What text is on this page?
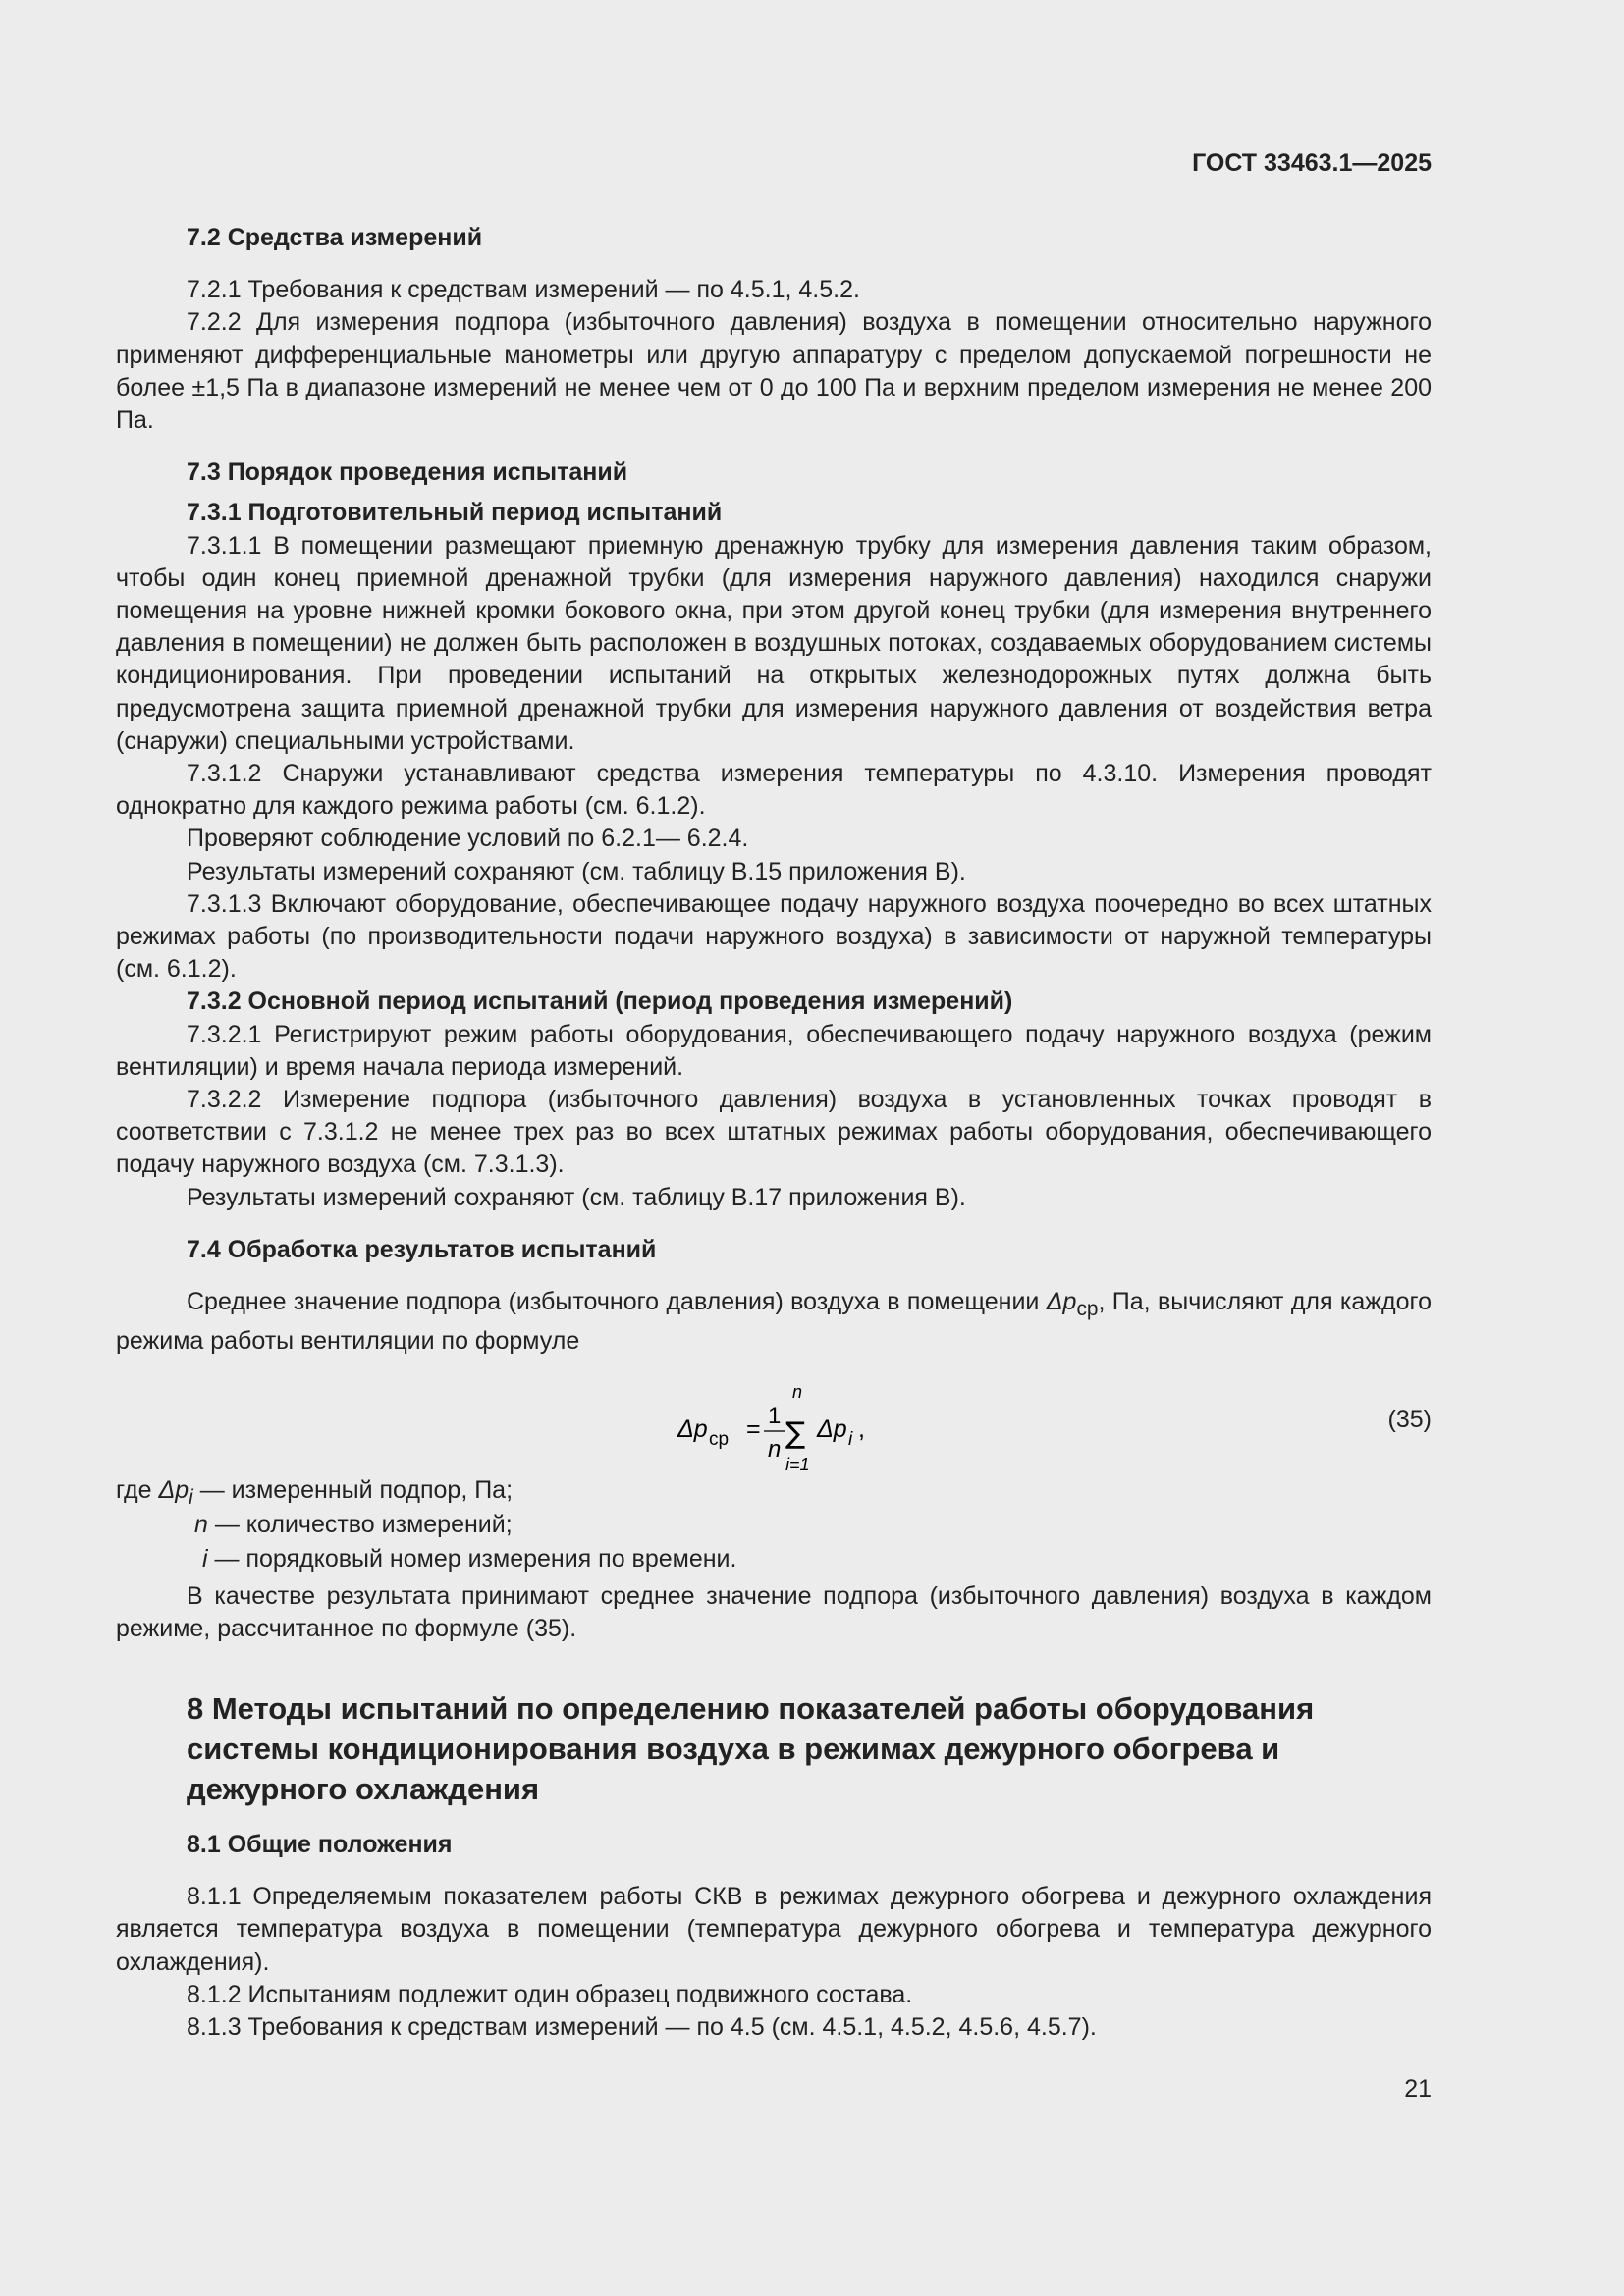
ГОСТ 33463.1—2025
7.2 Средства измерений

7.2.1 Требования к средствам измерений — по 4.5.1, 4.5.2.

7.2.2 Для измерения подпора (избыточного давления) воздуха в помещении относительно наружного применяют дифференциальные манометры или другую аппаратуру с пределом допускаемой погрешности не более ±1,5 Па в диапазоне измерений не менее чем от 0 до 100 Па и верхним пределом измерения не менее 200 Па.

7.3 Порядок проведения испытаний
7.3.1 Подготовительный период испытаний

7.3.1.1 В помещении размещают приемную дренажную трубку для измерения давления таким образом, чтобы один конец приемной дренажной трубки (для измерения наружного давления) находился снаружи помещения на уровне нижней кромки бокового окна, при этом другой конец трубки (для измерения внутреннего давления в помещении) не должен быть расположен в воздушных потоках, создаваемых оборудованием системы кондиционирования. При проведении испытаний на открытых железнодорожных путях должна быть предусмотрена защита приемной дренажной трубки для измерения наружного давления от воздействия ветра (снаружи) специальными устройствами.

7.3.1.2 Снаружи устанавливают средства измерения температуры по 4.3.10. Измерения проводят однократно для каждого режима работы (см. 6.1.2).

Проверяют соблюдение условий по 6.2.1— 6.2.4.

Результаты измерений сохраняют (см. таблицу В.15 приложения В).

7.3.1.3 Включают оборудование, обеспечивающее подачу наружного воздуха поочередно во всех штатных режимах работы (по производительности подачи наружного воздуха) в зависимости от наружной температуры (см. 6.1.2).

7.3.2 Основной период испытаний (период проведения измерений)

7.3.2.1 Регистрируют режим работы оборудования, обеспечивающего подачу наружного воздуха (режим вентиляции) и время начала периода измерений.

7.3.2.2 Измерение подпора (избыточного давления) воздуха в установленных точках проводят в соответствии с 7.3.1.2 не менее трех раз во всех штатных режимах работы оборудования, обеспечивающего подачу наружного воздуха (см. 7.3.1.3).

Результаты измерений сохраняют (см. таблицу В.17 приложения В).

7.4 Обработка результатов испытаний

Среднее значение подпора (избыточного давления) воздуха в помещении $\Delta p_{ср}$, Па, вычисляют для каждого режима работы вентиляции по формуле

Δp ср = 1
n
n
∑
i=1
Δp i ,	(35)
где $\Delta p_i$ — измеренный подпор, Па;
n — количество измерений;
i — порядковый номер измерения по времени.

В качестве результата принимают среднее значение подпора (избыточного давления) воздуха в каждом режиме, рассчитанное по формуле (35).

8 Методы испытаний по определению показателей работы оборудования системы кондиционирования воздуха в режимах дежурного обогрева и дежурного охлаждения
8.1 Общие положения

8.1.1 Определяемым показателем работы СКВ в режимах дежурного обогрева и дежурного охлаждения является температура воздуха в помещении (температура дежурного обогрева и температура дежурного охлаждения).

8.1.2 Испытаниям подлежит один образец подвижного состава.

8.1.3 Требования к средствам измерений — по 4.5 (см. 4.5.1, 4.5.2, 4.5.6, 4.5.7).

21
